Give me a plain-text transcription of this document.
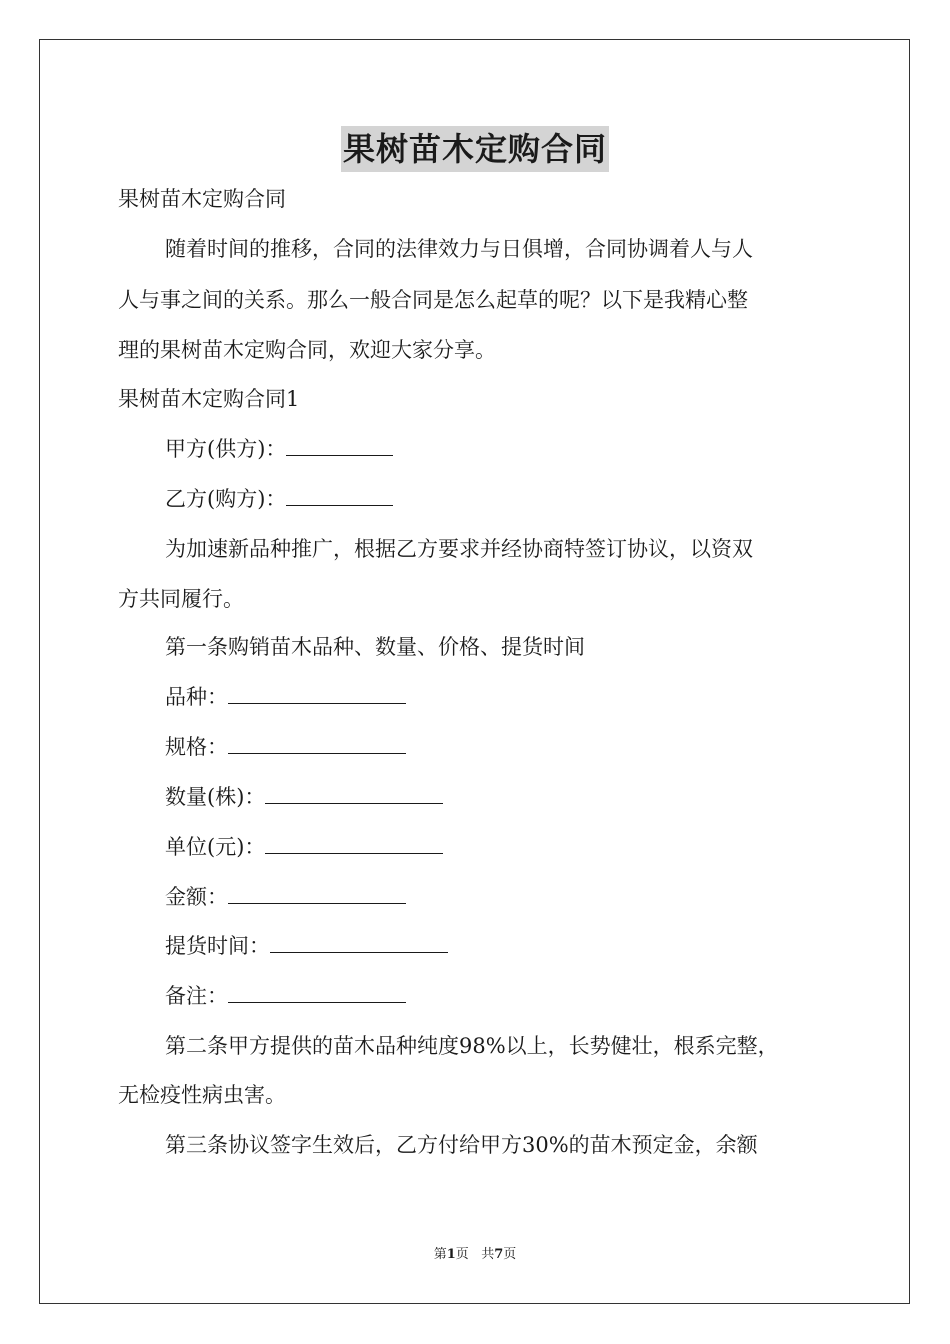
果树苗木定购合同
果树苗木定购合同
随着时间的推移，合同的法律效力与日俱增，合同协调着人与人
人与事之间的关系。那么一般合同是怎么起草的呢？以下是我精心整
理的果树苗木定购合同，欢迎大家分享。
果树苗木定购合同1
甲方(供方)：
乙方(购方)：
为加速新品种推广，根据乙方要求并经协商特签订协议，以资双
方共同履行。
第一条购销苗木品种、数量、价格、提货时间
品种：
规格：
数量(株)：
单位(元)：
金额：
提货时间：
备注：
第二条甲方提供的苗木品种纯度98%以上，长势健壮，根系完整，
无检疫性病虫害。
第三条协议签字生效后，乙方付给甲方30%的苗木预定金，余额
第1页 共7页
